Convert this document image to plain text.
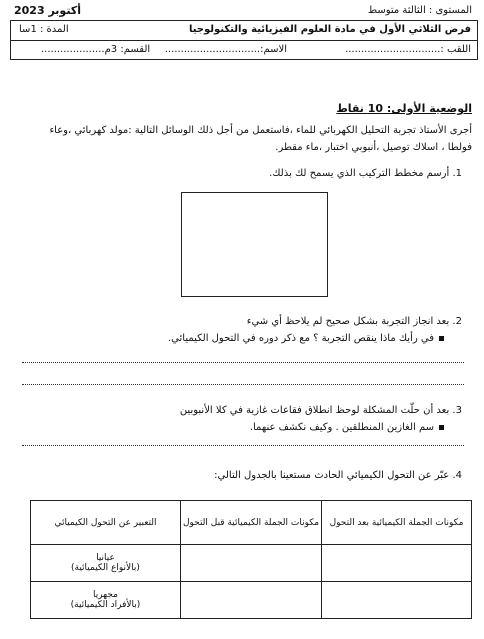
أكتوبر 2023	المستوى : الثالثة متوسط
فرض الثلاثي الأول في مادة العلوم الفيزيائية والتكنولوجيا
المدة : 1سا
اللقب :..............................
الاسم:..............................
القسم: 3م....................
الوضعية الأولى: 10 نقاط
أجرى الأستاذ تجربة التحليل الكهربائي للماء ،فاستعمل من أجل ذلك الوسائل التالية :مولد كهربائي ،وعاء
فولطا ، اسلاك توصيل ،أنبوبي اختبار ،ماء مقطر.
1. أرسم مخطط التركيب الذي يسمح لك بذلك.
2. بعد انجاز التجربة بشكل صحيح لم يلاحظ أي شيء
في رأيك ماذا ينقص التجربة ؟ مع ذكر دوره في التحول الكيميائي.
3. بعد أن حلّت المشكلة لوحظ انطلاق فقاعات غازية في كلا الأنبوبين
سم الغازين المنطلقين . وكيف نكشف عنهما.
4. عبّر عن التحول الكيميائي الحادث مستعينا بالجدول التالي:
مكونات الجملة الكيميائية بعد التحول	مكونات الجملة الكيميائية قبل التحول	التعبير عن التحول الكيميائي

		عيانيا
(بالأنواع الكيميائية)

		مجهريا
(بالأفراد الكيميائية)
